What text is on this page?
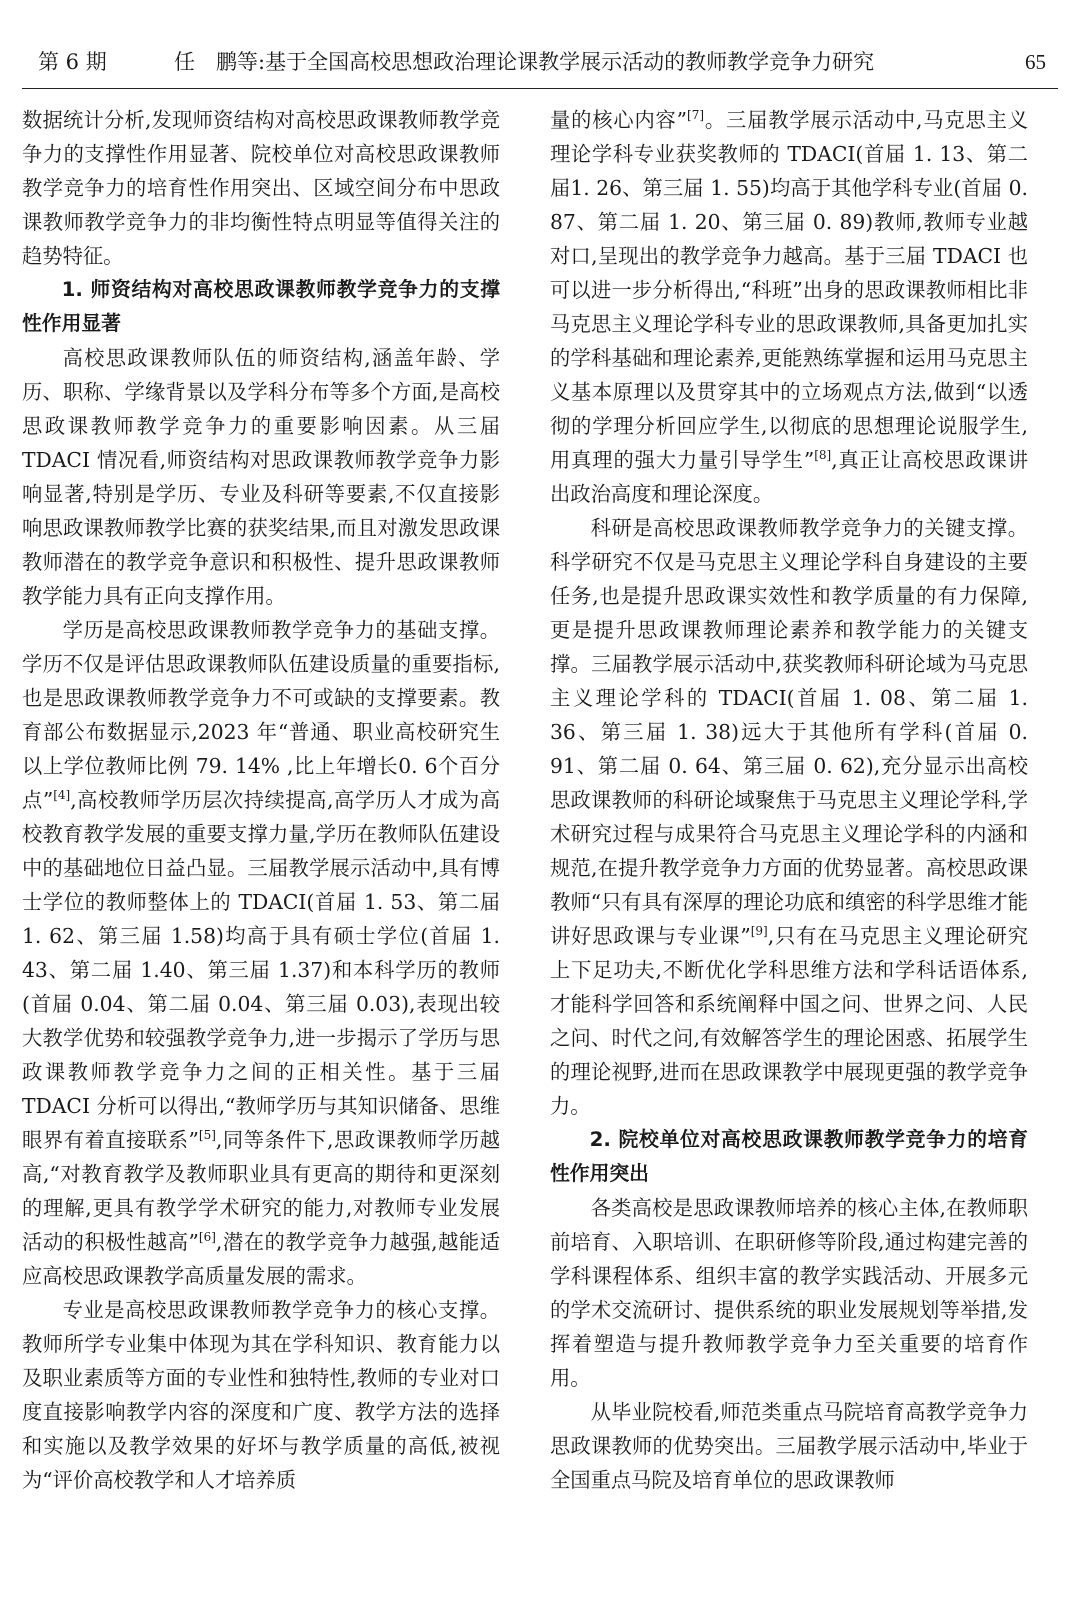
第 6 期	任　鹏等:基于全国高校思想政治理论课教学展示活动的教师教学竞争力研究	65

数据统计分析,发现师资结构对高校思政课教师教学竞争力的支撑性作用显著、院校单位对高校思政课教师教学竞争力的培育性作用突出、区域空间分布中思政课教师教学竞争力的非均衡性特点明显等值得关注的趋势特征。

1. 师资结构对高校思政课教师教学竞争力的支撑性作用显著

高校思政课教师队伍的师资结构,涵盖年龄、学历、职称、学缘背景以及学科分布等多个方面,是高校思政课教师教学竞争力的重要影响因素。从三届 TDACI 情况看,师资结构对思政课教师教学竞争力影响显著,特别是学历、专业及科研等要素,不仅直接影响思政课教师教学比赛的获奖结果,而且对激发思政课教师潜在的教学竞争意识和积极性、提升思政课教师教学能力具有正向支撑作用。

学历是高校思政课教师教学竞争力的基础支撑。学历不仅是评估思政课教师队伍建设质量的重要指标,也是思政课教师教学竞争力不可或缺的支撑要素。教育部公布数据显示,2023 年“普通、职业高校研究生以上学位教师比例 79. 14% ,比上年增长0. 6个百分点”[4],高校教师学历层次持续提高,高学历人才成为高校教育教学发展的重要支撑力量,学历在教师队伍建设中的基础地位日益凸显。三届教学展示活动中,具有博士学位的教师整体上的 TDACI(首届 1. 53、第二届 1. 62、第三届 1.58)均高于具有硕士学位(首届 1. 43、第二届 1.40、第三届 1.37)和本科学历的教师(首届 0.04、第二届 0.04、第三届 0.03),表现出较大教学优势和较强教学竞争力,进一步揭示了学历与思政课教师教学竞争力之间的正相关性。基于三届 TDACI 分析可以得出,“教师学历与其知识储备、思维眼界有着直接联系”[5],同等条件下,思政课教师学历越高,“对教育教学及教师职业具有更高的期待和更深刻的理解,更具有教学学术研究的能力,对教师专业发展活动的积极性越高”[6],潜在的教学竞争力越强,越能适应高校思政课教学高质量发展的需求。

专业是高校思政课教师教学竞争力的核心支撑。教师所学专业集中体现为其在学科知识、教育能力以及职业素质等方面的专业性和独特性,教师的专业对口度直接影响教学内容的深度和广度、教学方法的选择和实施以及教学效果的好坏与教学质量的高低,被视为“评价高校教学和人才培养质

量的核心内容”[7]。三届教学展示活动中,马克思主义理论学科专业获奖教师的 TDACI(首届 1. 13、第二届1. 26、第三届 1. 55)均高于其他学科专业(首届 0. 87、第二届 1. 20、第三届 0. 89)教师,教师专业越对口,呈现出的教学竞争力越高。基于三届 TDACI 也可以进一步分析得出,“科班”出身的思政课教师相比非马克思主义理论学科专业的思政课教师,具备更加扎实的学科基础和理论素养,更能熟练掌握和运用马克思主义基本原理以及贯穿其中的立场观点方法,做到“以透彻的学理分析回应学生,以彻底的思想理论说服学生,用真理的强大力量引导学生”[8],真正让高校思政课讲出政治高度和理论深度。

科研是高校思政课教师教学竞争力的关键支撑。科学研究不仅是马克思主义理论学科自身建设的主要任务,也是提升思政课实效性和教学质量的有力保障,更是提升思政课教师理论素养和教学能力的关键支撑。三届教学展示活动中,获奖教师科研论域为马克思主义理论学科的 TDACI(首届 1. 08、第二届 1. 36、第三届 1. 38)远大于其他所有学科(首届 0. 91、第二届 0. 64、第三届 0. 62),充分显示出高校思政课教师的科研论域聚焦于马克思主义理论学科,学术研究过程与成果符合马克思主义理论学科的内涵和规范,在提升教学竞争力方面的优势显著。高校思政课教师“只有具有深厚的理论功底和缜密的科学思维才能讲好思政课与专业课”[9],只有在马克思主义理论研究上下足功夫,不断优化学科思维方法和学科话语体系,才能科学回答和系统阐释中国之问、世界之问、人民之问、时代之问,有效解答学生的理论困惑、拓展学生的理论视野,进而在思政课教学中展现更强的教学竞争力。

2. 院校单位对高校思政课教师教学竞争力的培育性作用突出

各类高校是思政课教师培养的核心主体,在教师职前培育、入职培训、在职研修等阶段,通过构建完善的学科课程体系、组织丰富的教学实践活动、开展多元的学术交流研讨、提供系统的职业发展规划等举措,发挥着塑造与提升教师教学竞争力至关重要的培育作用。

从毕业院校看,师范类重点马院培育高教学竞争力思政课教师的优势突出。三届教学展示活动中,毕业于全国重点马院及培育单位的思政课教师
